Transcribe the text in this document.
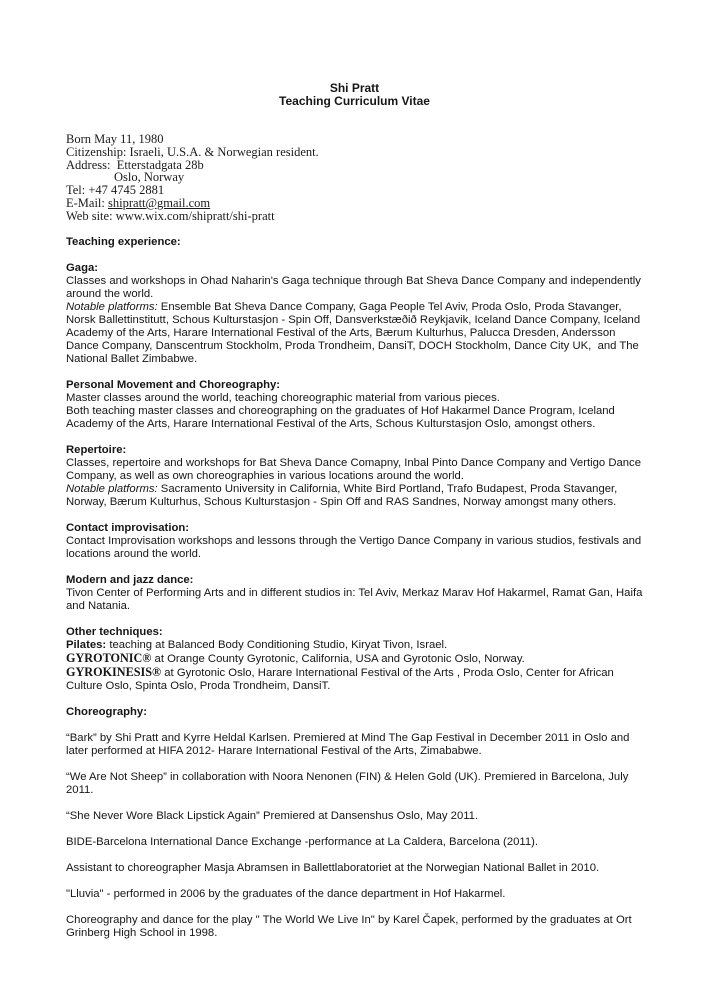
Shi Pratt
Teaching Curriculum Vitae
Born May 11, 1980
Citizenship: Israeli, U.S.A. & Norwegian resident.
Address:  Etterstadgata 28b
Oslo, Norway
Tel: +47 4745 2881
E-Mail: shipratt@gmail.com
Web site: www.wix.com/shipratt/shi-pratt
Teaching experience:
Gaga:

Classes and workshops in Ohad Naharin's Gaga technique through Bat Sheva Dance Company and independently around the world.

Notable platforms: Ensemble Bat Sheva Dance Company, Gaga People Tel Aviv, Proda Oslo, Proda Stavanger, Norsk Ballettinstitutt, Schous Kulturstasjon - Spin Off, Dansverkstæðið Reykjavik, Iceland Dance Company, Iceland Academy of the Arts, Harare International Festival of the Arts, Bærum Kulturhus, Palucca Dresden, Andersson Dance Company, Danscentrum Stockholm, Proda Trondheim, DansiT, DOCH Stockholm, Dance City UK,  and The National Ballet Zimbabwe.

Personal Movement and Choreography:

Master classes around the world, teaching choreographic material from various pieces.

Both teaching master classes and choreographing on the graduates of Hof Hakarmel Dance Program, Iceland Academy of the Arts, Harare International Festival of the Arts, Schous Kulturstasjon Oslo, amongst others.

Repertoire:

Classes, repertoire and workshops for Bat Sheva Dance Comapny, Inbal Pinto Dance Company and Vertigo Dance Company, as well as own choreographies in various locations around the world.

Notable platforms: Sacramento University in California, White Bird Portland, Trafo Budapest, Proda Stavanger, Norway, Bærum Kulturhus, Schous Kulturstasjon - Spin Off and RAS Sandnes, Norway amongst many others.

Contact improvisation:

Contact Improvisation workshops and lessons through the Vertigo Dance Company in various studios, festivals and locations around the world.

Modern and jazz dance:

Tivon Center of Performing Arts and in different studios in: Tel Aviv, Merkaz Marav Hof Hakarmel, Ramat Gan, Haifa and Natania.

Other techniques:

Pilates: teaching at Balanced Body Conditioning Studio, Kiryat Tivon, Israel.

GYROTONIC® at Orange County Gyrotonic, California, USA and Gyrotonic Oslo, Norway.

GYROKINESIS® at Gyrotonic Oslo, Harare International Festival of the Arts , Proda Oslo, Center for African Culture Oslo, Spinta Oslo, Proda Trondheim, DansiT.

Choreography:

“Bark” by Shi Pratt and Kyrre Heldal Karlsen. Premiered at Mind The Gap Festival in December 2011 in Oslo and later performed at HIFA 2012- Harare International Festival of the Arts, Zimababwe.

“We Are Not Sheep” in collaboration with Noora Nenonen (FIN) & Helen Gold (UK). Premiered in Barcelona, July 2011.

“She Never Wore Black Lipstick Again” Premiered at Dansenshus Oslo, May 2011.

BIDE-Barcelona International Dance Exchange -performance at La Caldera, Barcelona (2011).

Assistant to choreographer Masja Abramsen in Ballettlaboratoriet at the Norwegian National Ballet in 2010.

"Lluvia" - performed in 2006 by the graduates of the dance department in Hof Hakarmel.

Choreography and dance for the play " The World We Live In" by Karel Čapek, performed by the graduates at Ort Grinberg High School in 1998.
